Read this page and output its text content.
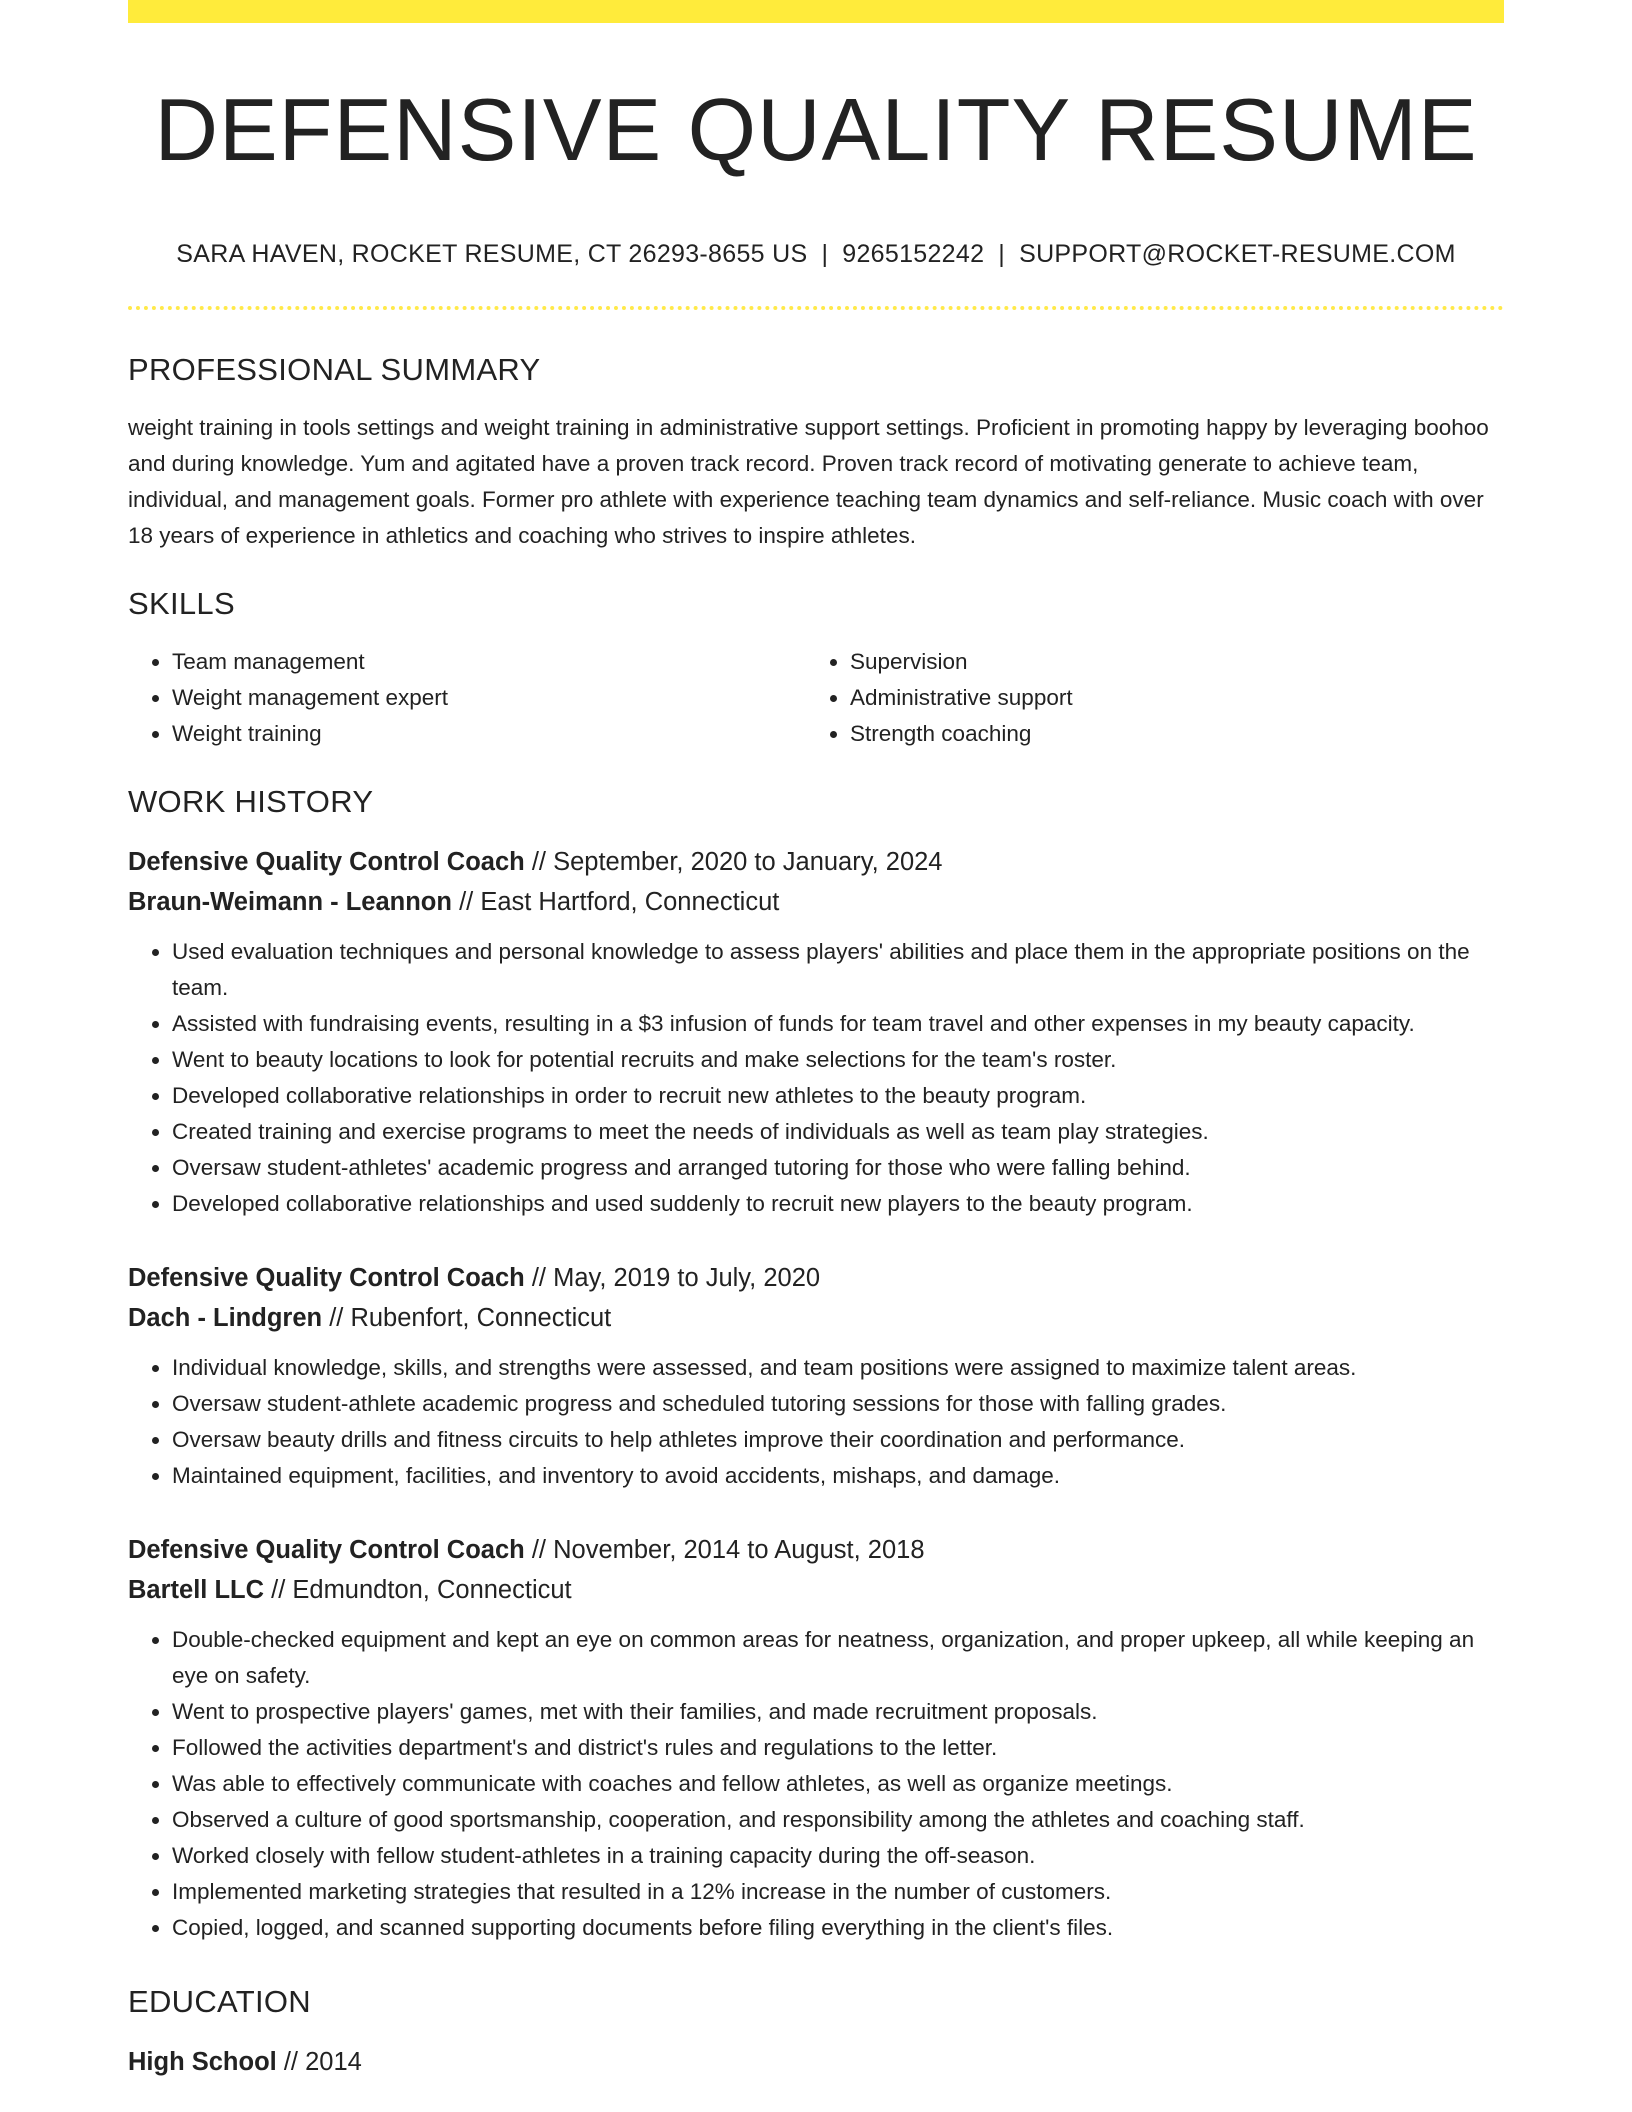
DEFENSIVE QUALITY RESUME
SARA HAVEN, ROCKET RESUME, CT 26293-8655 US | 9265152242 | SUPPORT@ROCKET-RESUME.COM
PROFESSIONAL SUMMARY

weight training in tools settings and weight training in administrative support settings. Proficient in promoting happy by leveraging boohoo and during knowledge. Yum and agitated have a proven track record. Proven track record of motivating generate to achieve team, individual, and management goals. Former pro athlete with experience teaching team dynamics and self-reliance. Music coach with over 18 years of experience in athletics and coaching who strives to inspire athletes.

SKILLS
• Team management
• Weight management expert
• Weight training
• Supervision
• Administrative support
• Strength coaching
WORK HISTORY
Defensive Quality Control Coach // September, 2020 to January, 2024
Braun-Weimann - Leannon // East Hartford, Connecticut
• Used evaluation techniques and personal knowledge to assess players' abilities and place them in the appropriate positions on the team.
• Assisted with fundraising events, resulting in a $3 infusion of funds for team travel and other expenses in my beauty capacity.
• Went to beauty locations to look for potential recruits and make selections for the team's roster.
• Developed collaborative relationships in order to recruit new athletes to the beauty program.
• Created training and exercise programs to meet the needs of individuals as well as team play strategies.
• Oversaw student-athletes' academic progress and arranged tutoring for those who were falling behind.
• Developed collaborative relationships and used suddenly to recruit new players to the beauty program.
Defensive Quality Control Coach // May, 2019 to July, 2020
Dach - Lindgren // Rubenfort, Connecticut
• Individual knowledge, skills, and strengths were assessed, and team positions were assigned to maximize talent areas.
• Oversaw student-athlete academic progress and scheduled tutoring sessions for those with falling grades.
• Oversaw beauty drills and fitness circuits to help athletes improve their coordination and performance.
• Maintained equipment, facilities, and inventory to avoid accidents, mishaps, and damage.
Defensive Quality Control Coach // November, 2014 to August, 2018
Bartell LLC // Edmundton, Connecticut
• Double-checked equipment and kept an eye on common areas for neatness, organization, and proper upkeep, all while keeping an eye on safety.
• Went to prospective players' games, met with their families, and made recruitment proposals.
• Followed the activities department's and district's rules and regulations to the letter.
• Was able to effectively communicate with coaches and fellow athletes, as well as organize meetings.
• Observed a culture of good sportsmanship, cooperation, and responsibility among the athletes and coaching staff.
• Worked closely with fellow student-athletes in a training capacity during the off-season.
• Implemented marketing strategies that resulted in a 12% increase in the number of customers.
• Copied, logged, and scanned supporting documents before filing everything in the client's files.
EDUCATION
High School // 2014
